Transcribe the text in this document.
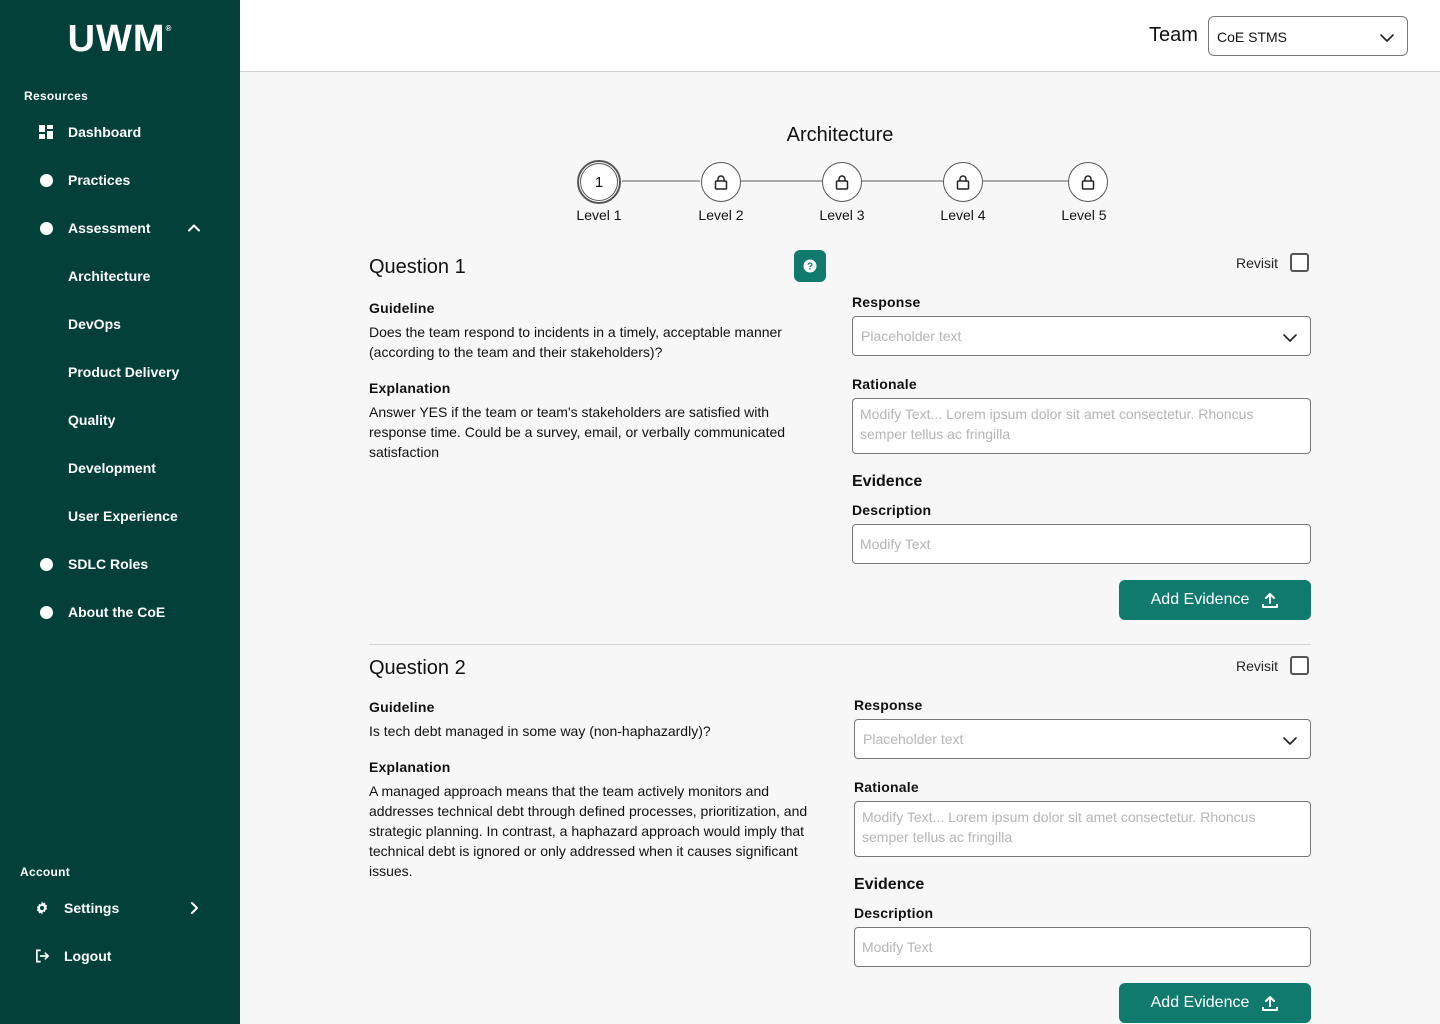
UWM®
Resources
Dashboard
Practices
Assessment
Architecture
DevOps
Product Delivery
Quality
Development
User Experience
SDLC Roles
About the CoE
Account
Settings
Logout
Team	CoE STMS
Architecture
1
Level 1	Level 2	Level 3	Level 4	Level 5
Question 1	?	Revisit
Guideline

Does the team respond to incidents in a timely, acceptable manner (according to the team and their stakeholders)?

Explanation

Answer YES if the team or team's stakeholders are satisfied with response time. Could be a survey, email, or verbally communicated satisfaction

Response
Placeholder text
Rationale
Modify Text... Lorem ipsum dolor sit amet consectetur. Rhoncus semper tellus ac fringilla
Evidence
Description
Modify Text
Add Evidence
Question 2	Revisit
Guideline

Is tech debt managed in some way (non-haphazardly)?

Explanation

A managed approach means that the team actively monitors and addresses technical debt through defined processes, prioritization, and strategic planning. In contrast, a haphazard approach would imply that technical debt is ignored or only addressed when it causes significant issues.

Response
Placeholder text
Rationale
Modify Text... Lorem ipsum dolor sit amet consectetur. Rhoncus semper tellus ac fringilla
Evidence
Description
Modify Text
Add Evidence
